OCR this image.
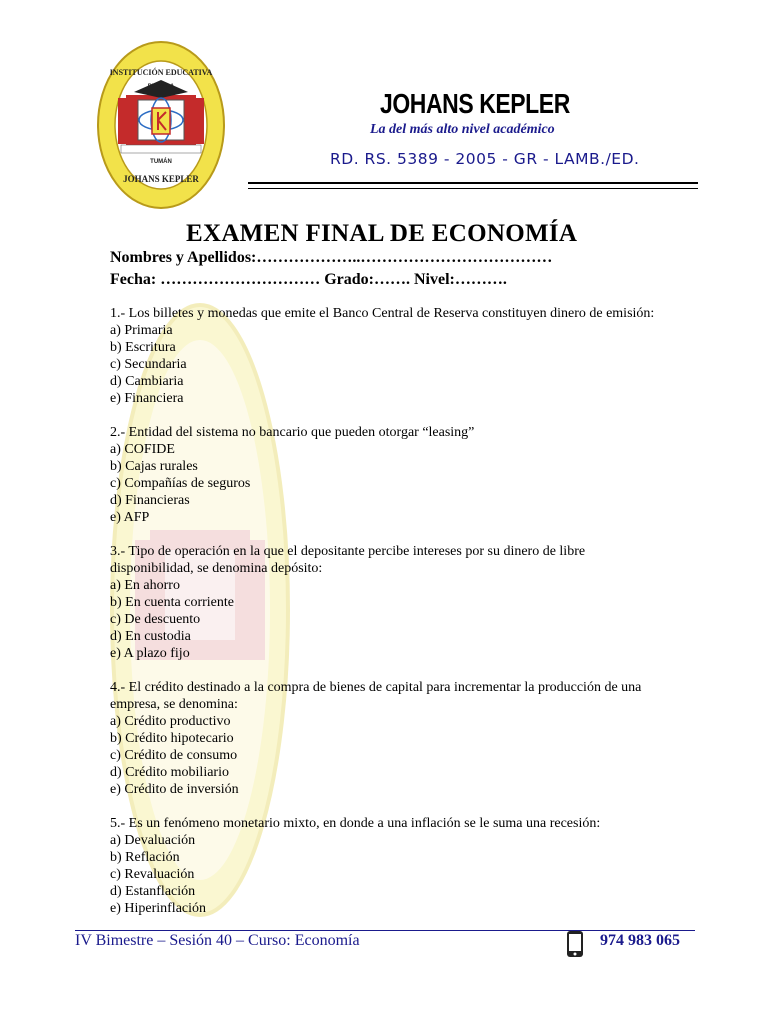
INSTITUCIÓN EDUCATIVA
PRIVADA
TUMÁN
JOHANS KEPLER
JOHANS KEPLER
La del más alto nivel académico
RD. RS. 5389 - 2005 - GR - LAMB./ED.
EXAMEN FINAL DE ECONOMÍA
Nombres y Apellidos:………………..………………………………
Fecha: ………………………… Grado:……. Nivel:……….

1.- Los billetes y monedas que emite el Banco Central de Reserva constituyen dinero de emisión:

a) Primaria

b) Escritura

c) Secundaria

d) Cambiaria

e) Financiera

2.- Entidad del sistema no bancario que pueden otorgar “leasing”

a) COFIDE

b) Cajas rurales

c) Compañías de seguros

d) Financieras

e) AFP

3.- Tipo de operación en la que el depositante percibe intereses por su dinero de libre disponibilidad, se denomina depósito:

a) En ahorro

b) En cuenta corriente

c) De descuento

d) En custodia

e) A plazo fijo

4.- El crédito destinado a la compra de bienes de capital para incrementar la producción de una empresa, se denomina:

a) Crédito productivo

b) Crédito hipotecario

c) Crédito de consumo

d) Crédito mobiliario

e) Crédito de inversión

5.- Es un fenómeno monetario mixto, en donde a una inflación se le suma una recesión:

a) Devaluación

b) Reflación

c) Revaluación

d) Estanflación

e) Hiperinflación

IV Bimestre – Sesión 40 – Curso: Economía	974 983 065
